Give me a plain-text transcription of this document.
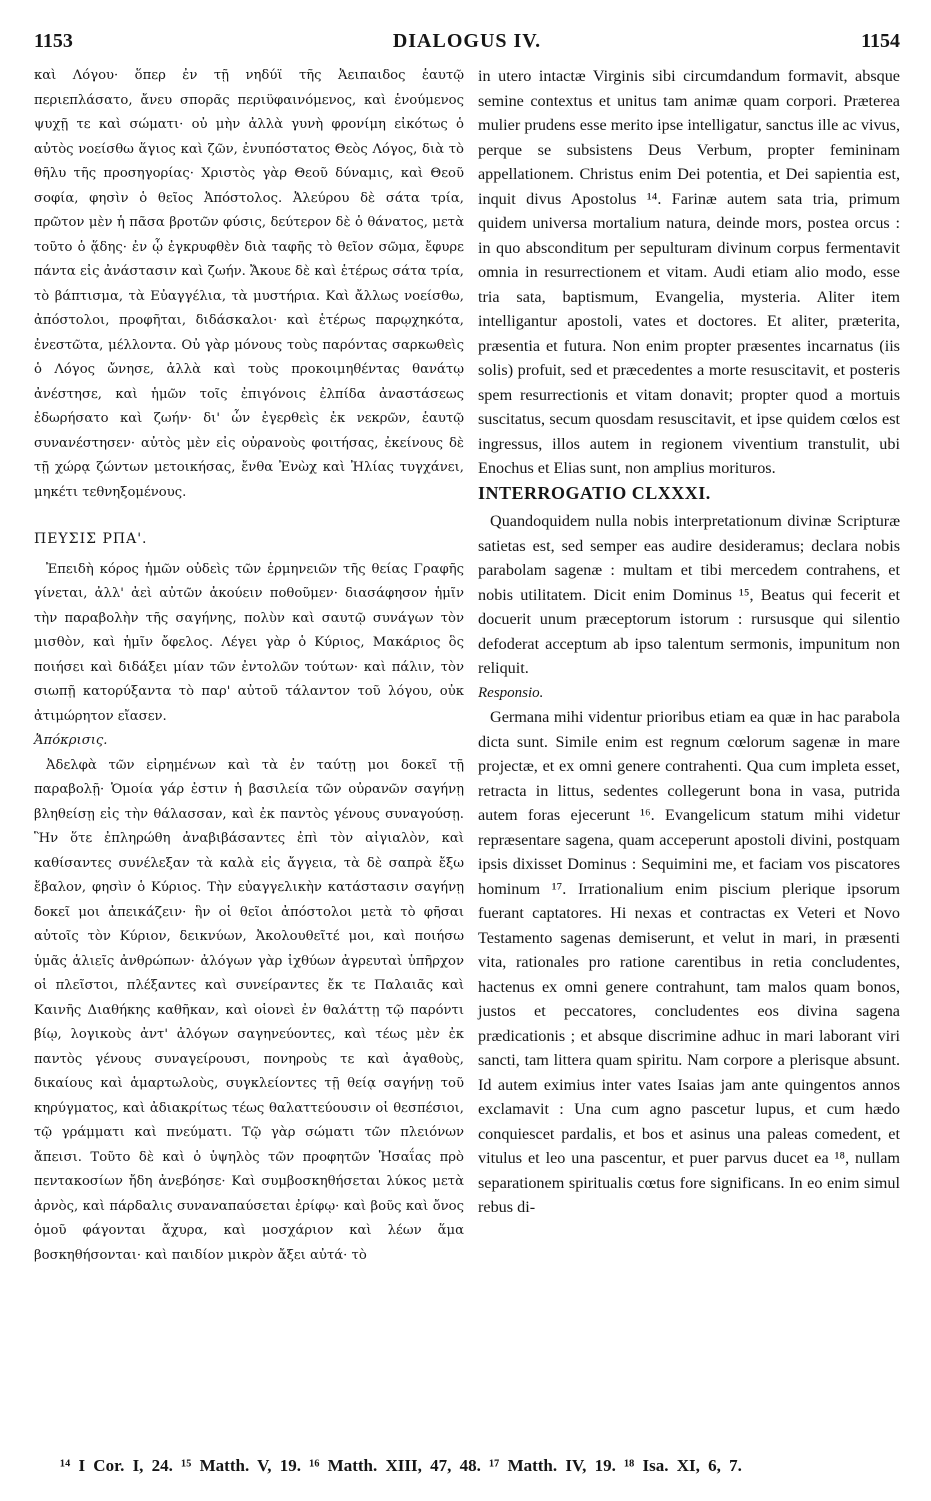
1153	DIALOGUS IV.	1154

καὶ Λόγου· ὅπερ ἐν τῇ νηδύϊ τῆς Ἀειπαιδος ἑαυτῷ περιεπλάσατο, ἄνευ σπορᾶς περιϋφαινόμενος, καὶ ἑνούμενος ψυχῇ τε καὶ σώματι· οὐ μὴν ἀλλὰ γυνὴ φρονίμη εἰκότως ὁ αὐτὸς νοείσθω ἅγιος καὶ ζῶν, ἐνυπόστατος Θεὸς Λόγος, διὰ τὸ θῆλυ τῆς προσηγορίας· Χριστὸς γὰρ Θεοῦ δύναμις, καὶ Θεοῦ σοφία, φησὶν ὁ θεῖος Ἀπόστολος. Ἀλεύρου δὲ σάτα τρία, πρῶτον μὲν ἡ πᾶσα βροτῶν φύσις, δεύτερον δὲ ὁ θάνατος, μετὰ τοῦτο ὁ ᾅδης· ἐν ᾧ ἐγκρυφθὲν διὰ ταφῆς τὸ θεῖον σῶμα, ἔφυρε πάντα εἰς ἀνάστασιν καὶ ζωήν. Ἄκουε δὲ καὶ ἑτέρως σάτα τρία, τὸ βάπτισμα, τὰ Εὐαγγέλια, τὰ μυστήρια. Καὶ ἄλλως νοείσθω, ἀπόστολοι, προφῆται, διδάσκαλοι· καὶ ἑτέρως παρῳχηκότα, ἐνεστῶτα, μέλλοντα. Οὐ γὰρ μόνους τοὺς παρόντας σαρκωθεὶς ὁ Λόγος ὤνησε, ἀλλὰ καὶ τοὺς προκοιμηθέντας θανάτῳ ἀνέστησε, καὶ ἡμῶν τοῖς ἐπιγόνοις ἐλπίδα ἀναστάσεως ἐδωρήσατο καὶ ζωήν· δι' ὧν ἐγερθεὶς ἐκ νεκρῶν, ἑαυτῷ συνανέστησεν· αὐτὸς μὲν εἰς οὐρανοὺς φοιτήσας, ἐκείνους δὲ τῇ χώρᾳ ζώντων μετοικήσας, ἔνθα Ἐνὼχ καὶ Ἠλίας τυγχάνει, μηκέτι τεθνηξομένους.

ΠΕΥΣΙΣ ΡΠΑ'.

Ἐπειδὴ κόρος ἡμῶν οὐδεὶς τῶν ἑρμηνειῶν τῆς θείας Γραφῆς γίνεται, ἀλλ' ἀεὶ αὐτῶν ἀκούειν ποθοῦμεν· διασάφησον ἡμῖν τὴν παραβολὴν τῆς σαγήνης, πολὺν καὶ σαυτῷ συνάγων τὸν μισθὸν, καὶ ἡμῖν ὄφελος. Λέγει γὰρ ὁ Κύριος, Μακάριος ὃς ποιήσει καὶ διδάξει μίαν τῶν ἐντολῶν τούτων· καὶ πάλιν, τὸν σιωπῇ κατορύξαντα τὸ παρ' αὐτοῦ τάλαντον τοῦ λόγου, οὐκ ἀτιμώρητον εἴασεν.

Ἀπόκρισις.

Ἀδελφὰ τῶν εἰρημένων καὶ τὰ ἐν ταύτῃ μοι δοκεῖ τῇ παραβολῇ· Ὁμοία γάρ ἐστιν ἡ βασιλεία τῶν οὐρανῶν σαγήνῃ βληθείσῃ εἰς τὴν θάλασσαν, καὶ ἐκ παντὸς γένους συναγούσῃ. Ἣν ὅτε ἐπληρώθη ἀναβιβάσαντες ἐπὶ τὸν αἰγιαλὸν, καὶ καθίσαντες συνέλεξαν τὰ καλὰ εἰς ἄγγεια, τὰ δὲ σαπρὰ ἔξω ἔβαλον, φησὶν ὁ Κύριος. Τὴν εὐαγγελικὴν κατάστασιν σαγήνῃ δοκεῖ μοι ἀπεικάζειν· ἣν οἱ θεῖοι ἀπόστολοι μετὰ τὸ φῆσαι αὐτοῖς τὸν Κύριον, δεικνύων, Ἀκολουθεῖτέ μοι, καὶ ποιήσω ὑμᾶς ἁλιεῖς ἀνθρώπων· ἀλόγων γὰρ ἰχθύων ἀγρευταὶ ὑπῆρχον οἱ πλεῖστοι, πλέξαντες καὶ συνείραντες ἔκ τε Παλαιᾶς καὶ Καινῆς Διαθήκης καθῆκαν, καὶ οἱονεὶ ἐν θαλάττῃ τῷ παρόντι βίῳ, λογικοὺς ἀντ' ἀλόγων σαγηνεύοντες, καὶ τέως μὲν ἐκ παντὸς γένους συναγείρουσι, πονηροὺς τε καὶ ἀγαθοὺς, δικαίους καὶ ἁμαρτωλοὺς, συγκλείοντες τῇ θείᾳ σαγήνῃ τοῦ κηρύγματος, καὶ ἀδιακρίτως τέως θαλαττεύουσιν οἱ θεσπέσιοι, τῷ γράμματι καὶ πνεύματι. Τῷ γὰρ σώματι τῶν πλειόνων ἄπεισι. Τοῦτο δὲ καὶ ὁ ὑψηλὸς τῶν προφητῶν Ἡσαΐας πρὸ πεντακοσίων ἤδη ἀνεβόησε· Καὶ συμβοσκηθήσεται λύκος μετὰ ἀρνὸς, καὶ πάρδαλις συναναπαύσεται ἐρίφῳ· καὶ βοῦς καὶ ὄνος ὁμοῦ φάγονται ἄχυρα, καὶ μοσχάριον καὶ λέων ἅμα βοσκηθήσονται· καὶ παιδίον μικρὸν ἄξει αὐτά· τὸ

in utero intactæ Virginis sibi circumdandum formavit, absque semine contextus et unitus tam animæ quam corpori. Præterea mulier prudens esse merito ipse intelligatur, sanctus ille ac vivus, perque se subsistens Deus Verbum, propter femininam appellationem. Christus enim Dei potentia, et Dei sapientia est, inquit divus Apostolus ¹⁴. Farinæ autem sata tria, primum quidem universa mortalium natura, deinde mors, postea orcus : in quo absconditum per sepulturam divinum corpus fermentavit omnia in resurrectionem et vitam. Audi etiam alio modo, esse tria sata, baptismum, Evangelia, mysteria. Aliter item intelligantur apostoli, vates et doctores. Et aliter, præterita, præsentia et futura. Non enim propter præsentes incarnatus (iis solis) profuit, sed et præcedentes a morte resuscitavit, et posteris spem resurrectionis et vitam donavit; propter quod a mortuis suscitatus, secum quosdam resuscitavit, et ipse quidem cœlos est ingressus, illos autem in regionem viventium transtulit, ubi Enochus et Elias sunt, non amplius morituros.

INTERROGATIO CLXXXI.

Quandoquidem nulla nobis interpretationum divinæ Scripturæ satietas est, sed semper eas audire desideramus; declara nobis parabolam sagenæ : multam et tibi mercedem contrahens, et nobis utilitatem. Dicit enim Dominus ¹⁵, Beatus qui fecerit et docuerit unum præceptorum istorum : rursusque qui silentio defoderat acceptum ab ipso talentum sermonis, impunitum non reliquit.

Responsio.

Germana mihi videntur prioribus etiam ea quæ in hac parabola dicta sunt. Simile enim est regnum cœlorum sagenæ in mare projectæ, et ex omni genere contrahenti. Qua cum impleta esset, retracta in littus, sedentes collegerunt bona in vasa, putrida autem foras ejecerunt ¹⁶. Evangelicum statum mihi videtur repræsentare sagena, quam acceperunt apostoli divini, postquam ipsis dixisset Dominus : Sequimini me, et faciam vos piscatores hominum ¹⁷. Irrationalium enim piscium plerique ipsorum fuerant captatores. Hi nexas et contractas ex Veteri et Novo Testamento sagenas demiserunt, et velut in mari, in præsenti vita, rationales pro ratione carentibus in retia concludentes, hactenus ex omni genere contrahunt, tam malos quam bonos, justos et peccatores, concludentes eos divina sagena prædicationis ; et absque discrimine adhuc in mari laborant viri sancti, tam littera quam spiritu. Nam corpore a plerisque absunt. Id autem eximius inter vates Isaias jam ante quingentos annos exclamavit : Una cum agno pascetur lupus, et cum hædo conquiescet pardalis, et bos et asinus una paleas comedent, et vitulus et leo una pascentur, et puer parvus ducet ea ¹⁸, nullam separationem spiritualis cœtus fore significans. In eo enim simul rebus di-

¹⁴ I Cor. I, 24. ¹⁵ Matth. V, 19. ¹⁶ Matth. XIII, 47, 48. ¹⁷ Matth. IV, 19. ¹⁸ Isa. XI, 6, 7.
